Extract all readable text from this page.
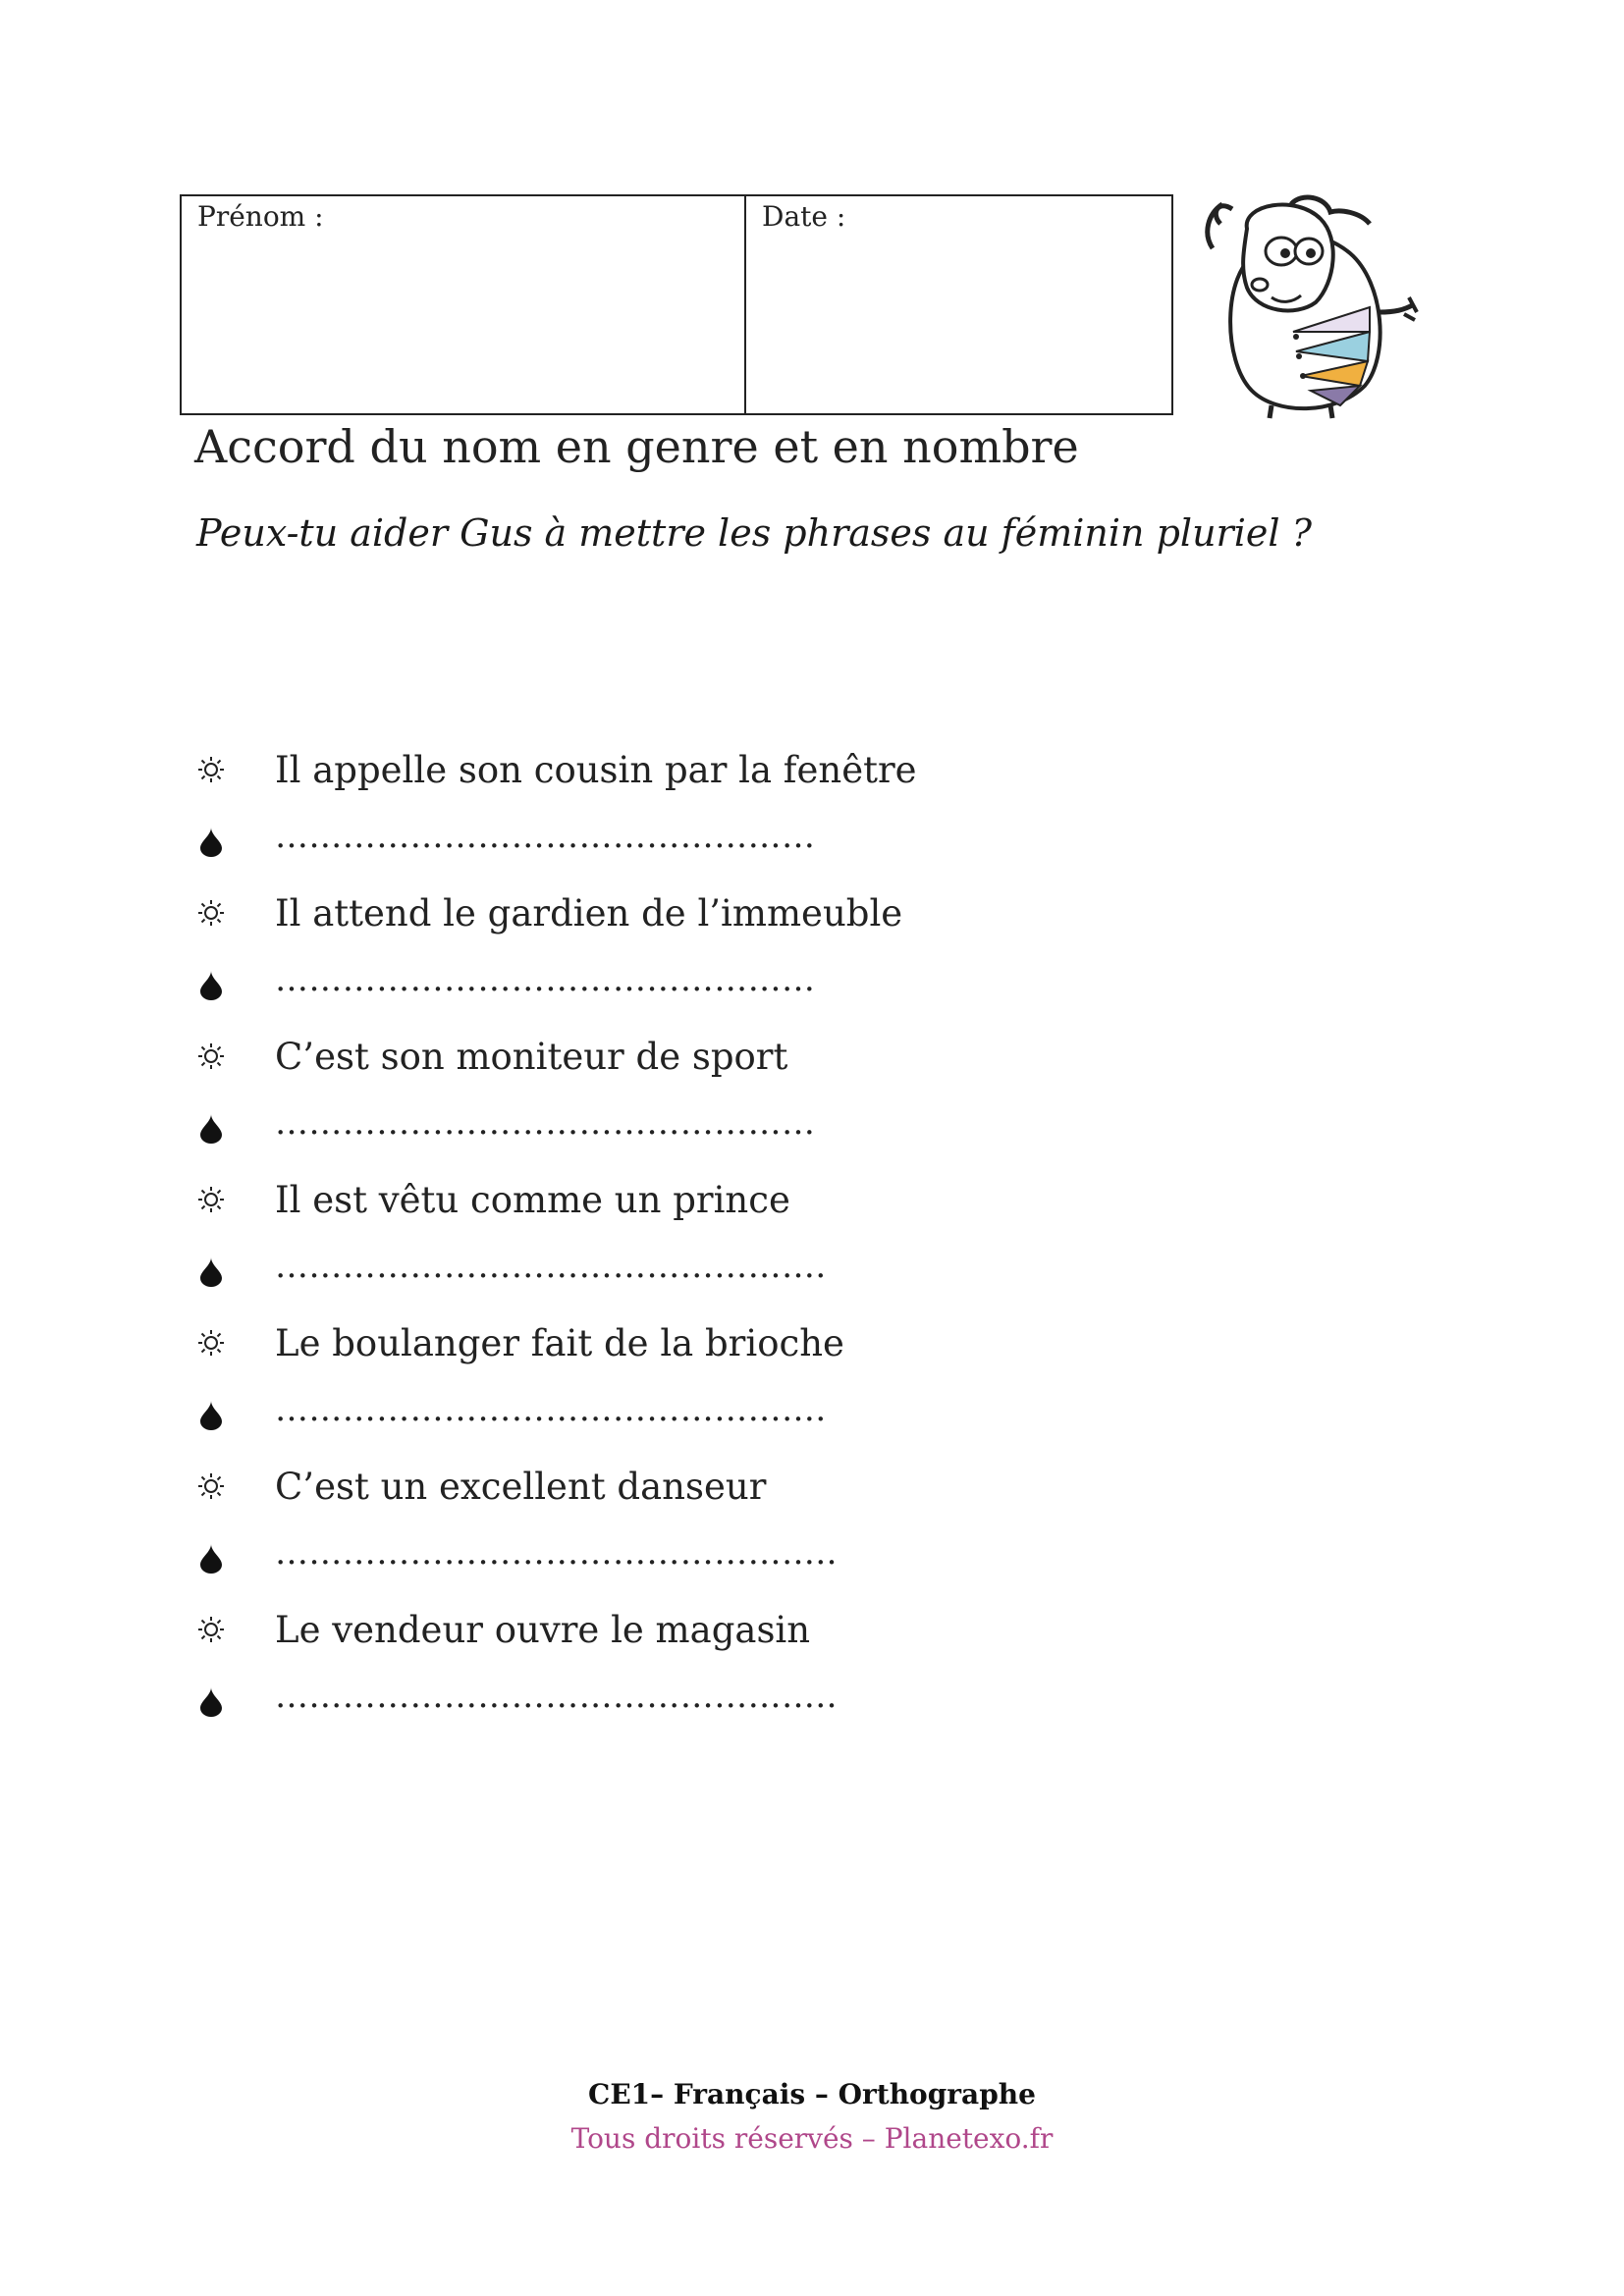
Prénom :	Date :
Accord du nom en genre et en nombre
Peux-tu aider Gus à mettre les phrases au féminin pluriel ?
Il appelle son cousin par la fenêtre
…………………………………………
Il attend le gardien de l’immeuble
…………………………………………
C’est son moniteur de sport
…………………………………………
Il est vêtu comme un prince
………………………………………….
Le boulanger fait de la brioche
………………………………………….
C’est un excellent danseur
…………………………………………..
Le vendeur ouvre le magasin
…………………………………………..
CE1– Français – Orthographe
Tous droits réservés – Planetexo.fr
